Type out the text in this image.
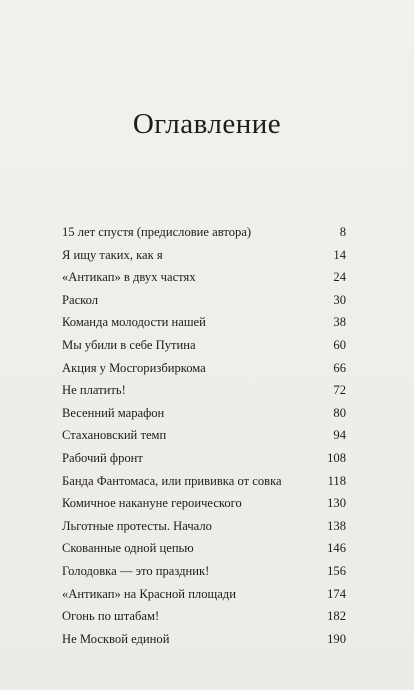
Оглавление
15 лет спустя (предисловие автора)	8
Я ищу таких, как я	14
«Антикап» в двух частях	24
Раскол	30
Команда молодости нашей	38
Мы убили в себе Путина	60
Акция у Мосгоризбиркома	66
Не платить!	72
Весенний марафон	80
Стахановский темп	94
Рабочий фронт	108
Банда Фантомаса, или прививка от совка	118
Комичное накануне героического	130
Льготные протесты. Начало	138
Скованные одной цепью	146
Голодовка — это праздник!	156
«Антикап» на Красной площади	174
Огонь по штабам!	182
Не Москвой единой	190
